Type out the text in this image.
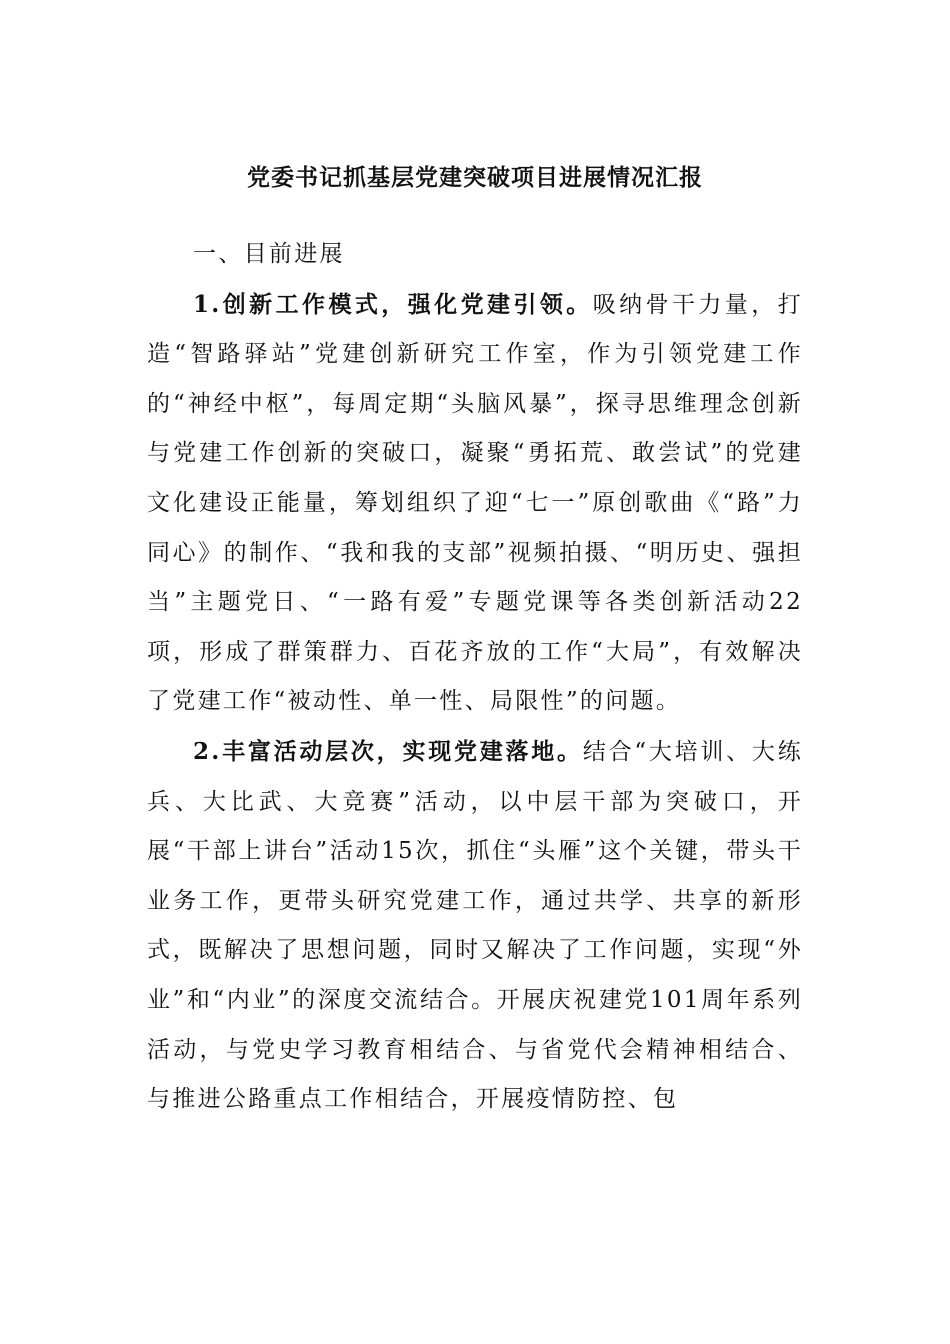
党委书记抓基层党建突破项目进展情况汇报

一、目前进展

1.创新工作模式，强化党建引领。吸纳骨干力量，打造“智路驿站”党建创新研究工作室，作为引领党建工作的“神经中枢”，每周定期“头脑风暴”，探寻思维理念创新与党建工作创新的突破口，凝聚“勇拓荒、敢尝试”的党建文化建设正能量，筹划组织了迎“七一”原创歌曲《“路”力同心》的制作、“我和我的支部”视频拍摄、“明历史、强担当”主题党日、“一路有爱”专题党课等各类创新活动22项，形成了群策群力、百花齐放的工作“大局”，有效解决了党建工作“被动性、单一性、局限性”的问题。

2.丰富活动层次，实现党建落地。结合“大培训、大练兵、大比武、大竞赛”活动，以中层干部为突破口，开展“干部上讲台”活动15次，抓住“头雁”这个关键，带头干业务工作，更带头研究党建工作，通过共学、共享的新形式，既解决了思想问题，同时又解决了工作问题，实现“外业”和“内业”的深度交流结合。开展庆祝建党101周年系列活动，与党史学习教育相结合、与省党代会精神相结合、与推进公路重点工作相结合，开展疫情防控、包
